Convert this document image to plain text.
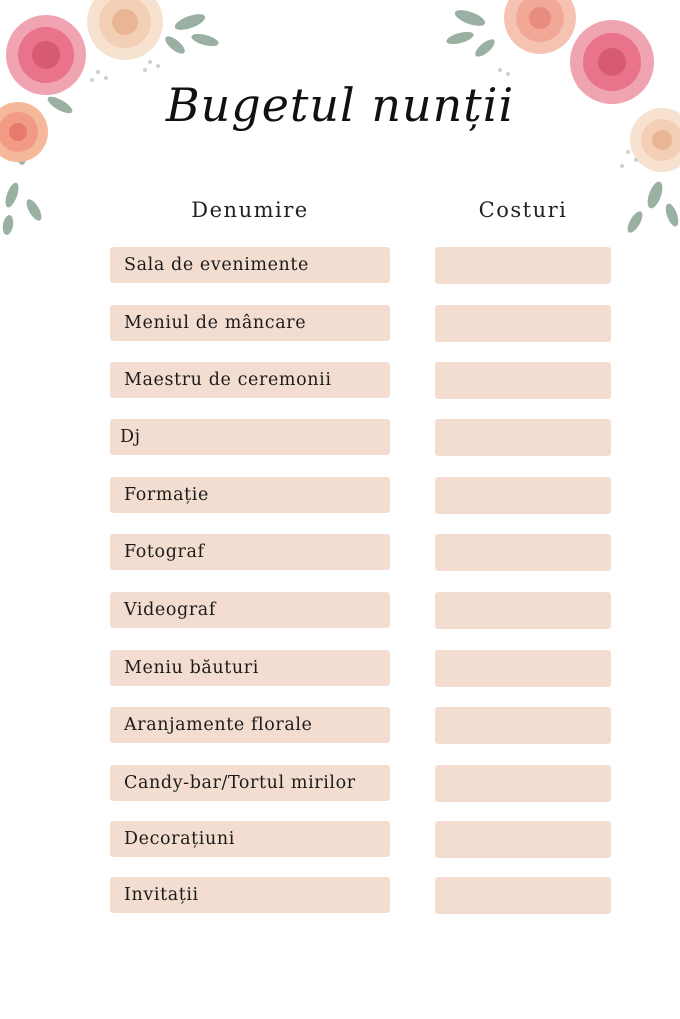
Bugetul nunții
Denumire	Costuri
Sala de evenimente
Meniul de mâncare
Maestru de ceremonii
Dj
Formație
Fotograf
Videograf
Meniu băuturi
Aranjamente florale
Candy-bar/Tortul mirilor
Decorațiuni
Invitații
